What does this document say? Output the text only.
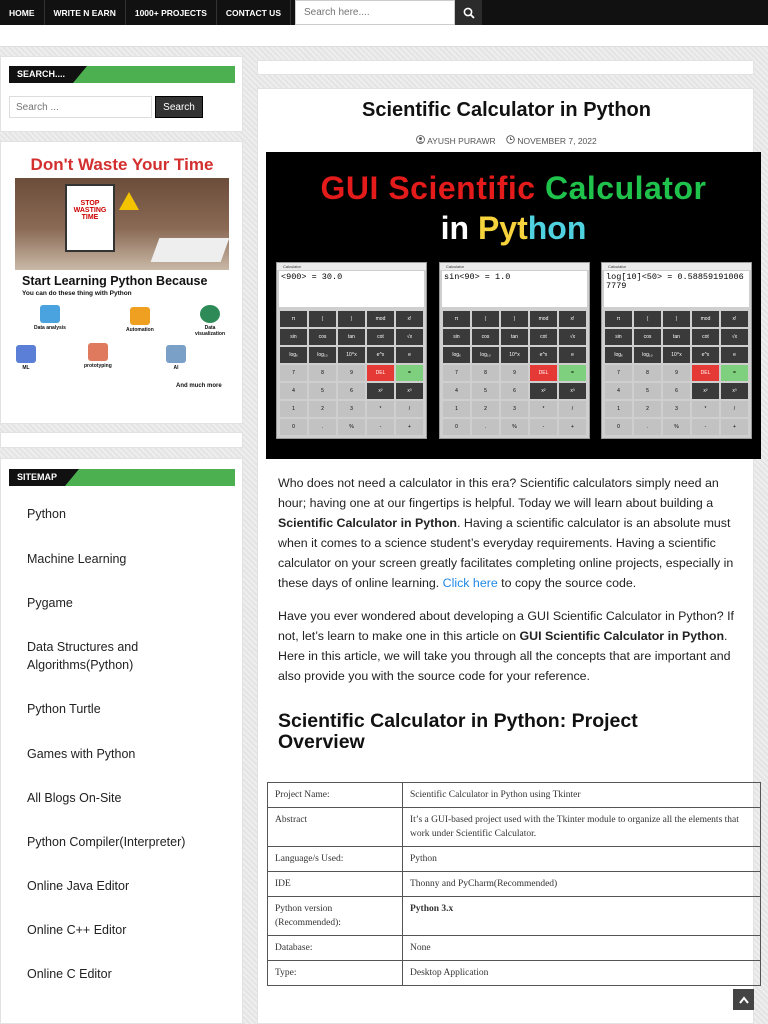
HOME	WRITE N EARN	1000+ PROJECTS	CONTACT US
Search here....
SEARCH....
Search ...
Search
Don't Waste Your Time
STOP WASTING TIME
Start Learning Python Because
You can do these thing with Python
Data analysis	Automation	Data visualization
ML	prototyping	AI
And much more
SITEMAP
Python
Machine Learning
Pygame
Data Structures and Algorithms(Python)
Python Turtle
Games with Python
All Blogs On-Site
Python Compiler(Interpreter)
Online Java Editor
Online C++ Editor
Online C Editor
Scientific Calculator in Python
AYUSH PURAWR	NOVEMBER 7, 2022
GUI Scientific Calculator
in Python
Calculator
<900> = 30.0
π	(	)	mod	x!
sin	cos	tan	cot	√x
logₓ	log₁₀	10^x	e^x	e
7	8	9	DEL	=
4	5	6	x²	x³
1	2	3	*	/
0	.	%	-	+
Calculator
sin<90> = 1.0
π	(	)	mod	x!
sin	cos	tan	cot	√x
logₓ	log₁₀	10^x	e^x	e
7	8	9	DEL	=
4	5	6	x²	x³
1	2	3	*	/
0	.	%	-	+
Calculator
log[10]<50> = 0.588591910067779
π	(	)	mod	x!
sin	cos	tan	cot	√x
logₓ	log₁₀	10^x	e^x	e
7	8	9	DEL	=
4	5	6	x²	x³
1	2	3	*	/
0	.	%	-	+
Who does not need a calculator in this era? Scientific calculators simply need an hour; having one at our fingertips is helpful. Today we will learn about building a Scientific Calculator in Python. Having a scientific calculator is an absolute must when it comes to a science student’s everyday requirements. Having a scientific calculator on your screen greatly facilitates completing online projects, especially in these days of online learning. Click here to copy the source code.
Have you ever wondered about developing a GUI Scientific Calculator in Python? If not, let’s learn to make one in this article on GUI Scientific Calculator in Python. Here in this article, we will take you through all the concepts that are important and also provide you with the source code for your reference.
Scientific Calculator in Python: Project Overview
Project Name:	Scientific Calculator in Python using Tkinter
Abstract	It’s a GUI-based project used with the Tkinter module to organize all the elements that work under Scientific Calculator.
Language/s Used:	Python
IDE	Thonny and PyCharm(Recommended)
Python version (Recommended):	Python 3.x
Database:	None
Type:	Desktop Application
